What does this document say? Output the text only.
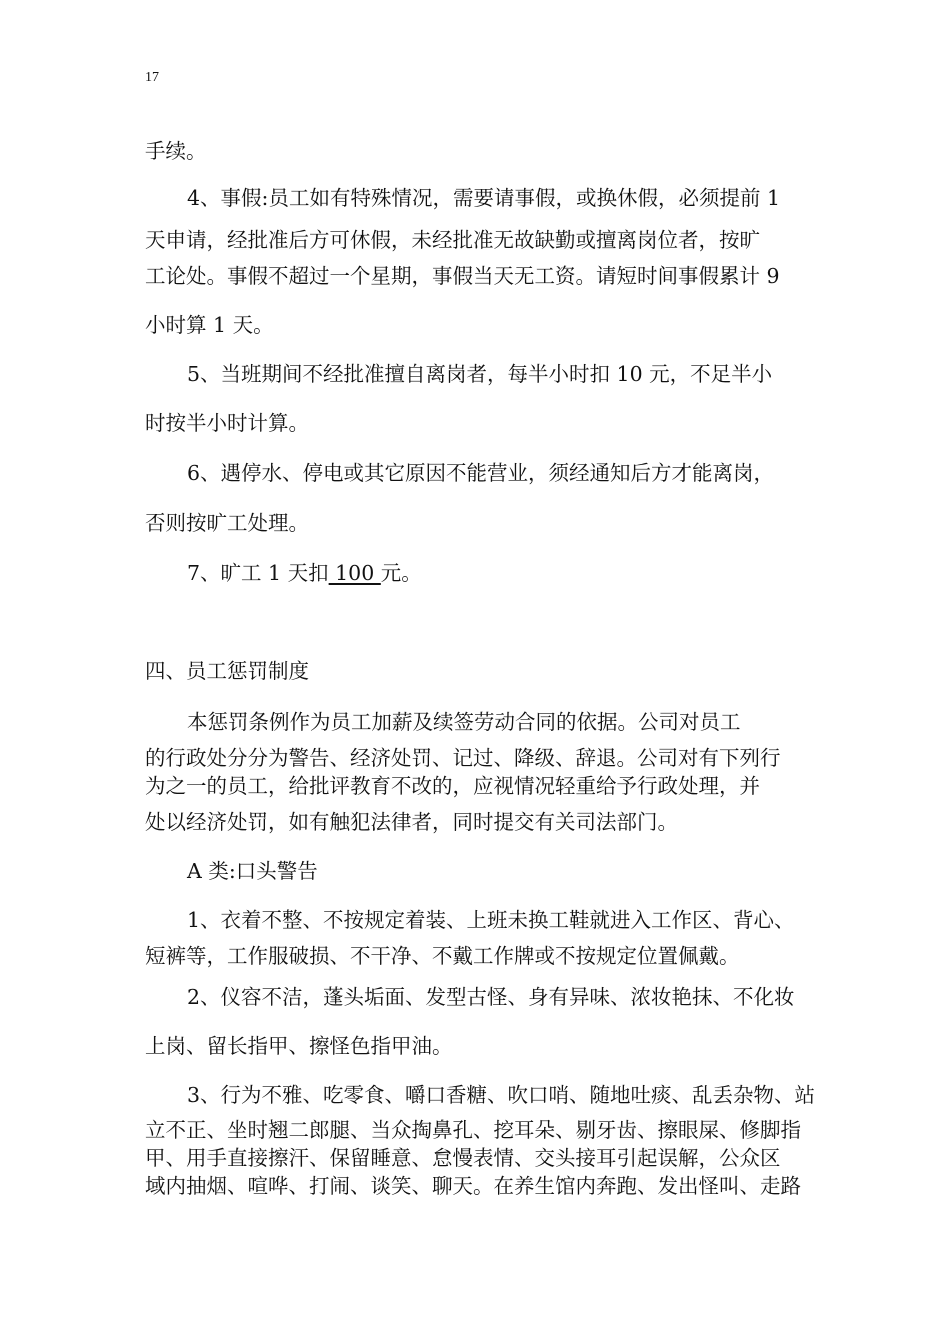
17
手续。
4、事假:员工如有特殊情况，需要请事假，或换休假，必须提前 1
天申请，经批准后方可休假，未经批准无故缺勤或擅离岗位者，按旷
工论处。事假不超过一个星期，事假当天无工资。请短时间事假累计 9
小时算 1 天。
5、当班期间不经批准擅自离岗者，每半小时扣 10 元，不足半小
时按半小时计算。
6、遇停水、停电或其它原因不能营业，须经通知后方才能离岗，
否则按旷工处理。
7、旷工 1 天扣 100 元。
四、员工惩罚制度
本惩罚条例作为员工加薪及续签劳动合同的依据。公司对员工
的行政处分分为警告、经济处罚、记过、降级、辞退。公司对有下列行
为之一的员工，给批评教育不改的，应视情况轻重给予行政处理，并
处以经济处罚，如有触犯法律者，同时提交有关司法部门。
A 类:口头警告
1、衣着不整、不按规定着装、上班未换工鞋就进入工作区、背心、
短裤等，工作服破损、不干净、不戴工作牌或不按规定位置佩戴。
2、仪容不洁，蓬头垢面、发型古怪、身有异味、浓妆艳抹、不化妆
上岗、留长指甲、擦怪色指甲油。
3、行为不雅、吃零食、嚼口香糖、吹口哨、随地吐痰、乱丢杂物、站
立不正、坐时翘二郎腿、当众掏鼻孔、挖耳朵、剔牙齿、擦眼屎、修脚指
甲、用手直接擦汗、保留睡意、怠慢表情、交头接耳引起误解，公众区
域内抽烟、喧哗、打闹、谈笑、聊天。在养生馆内奔跑、发出怪叫、走路
